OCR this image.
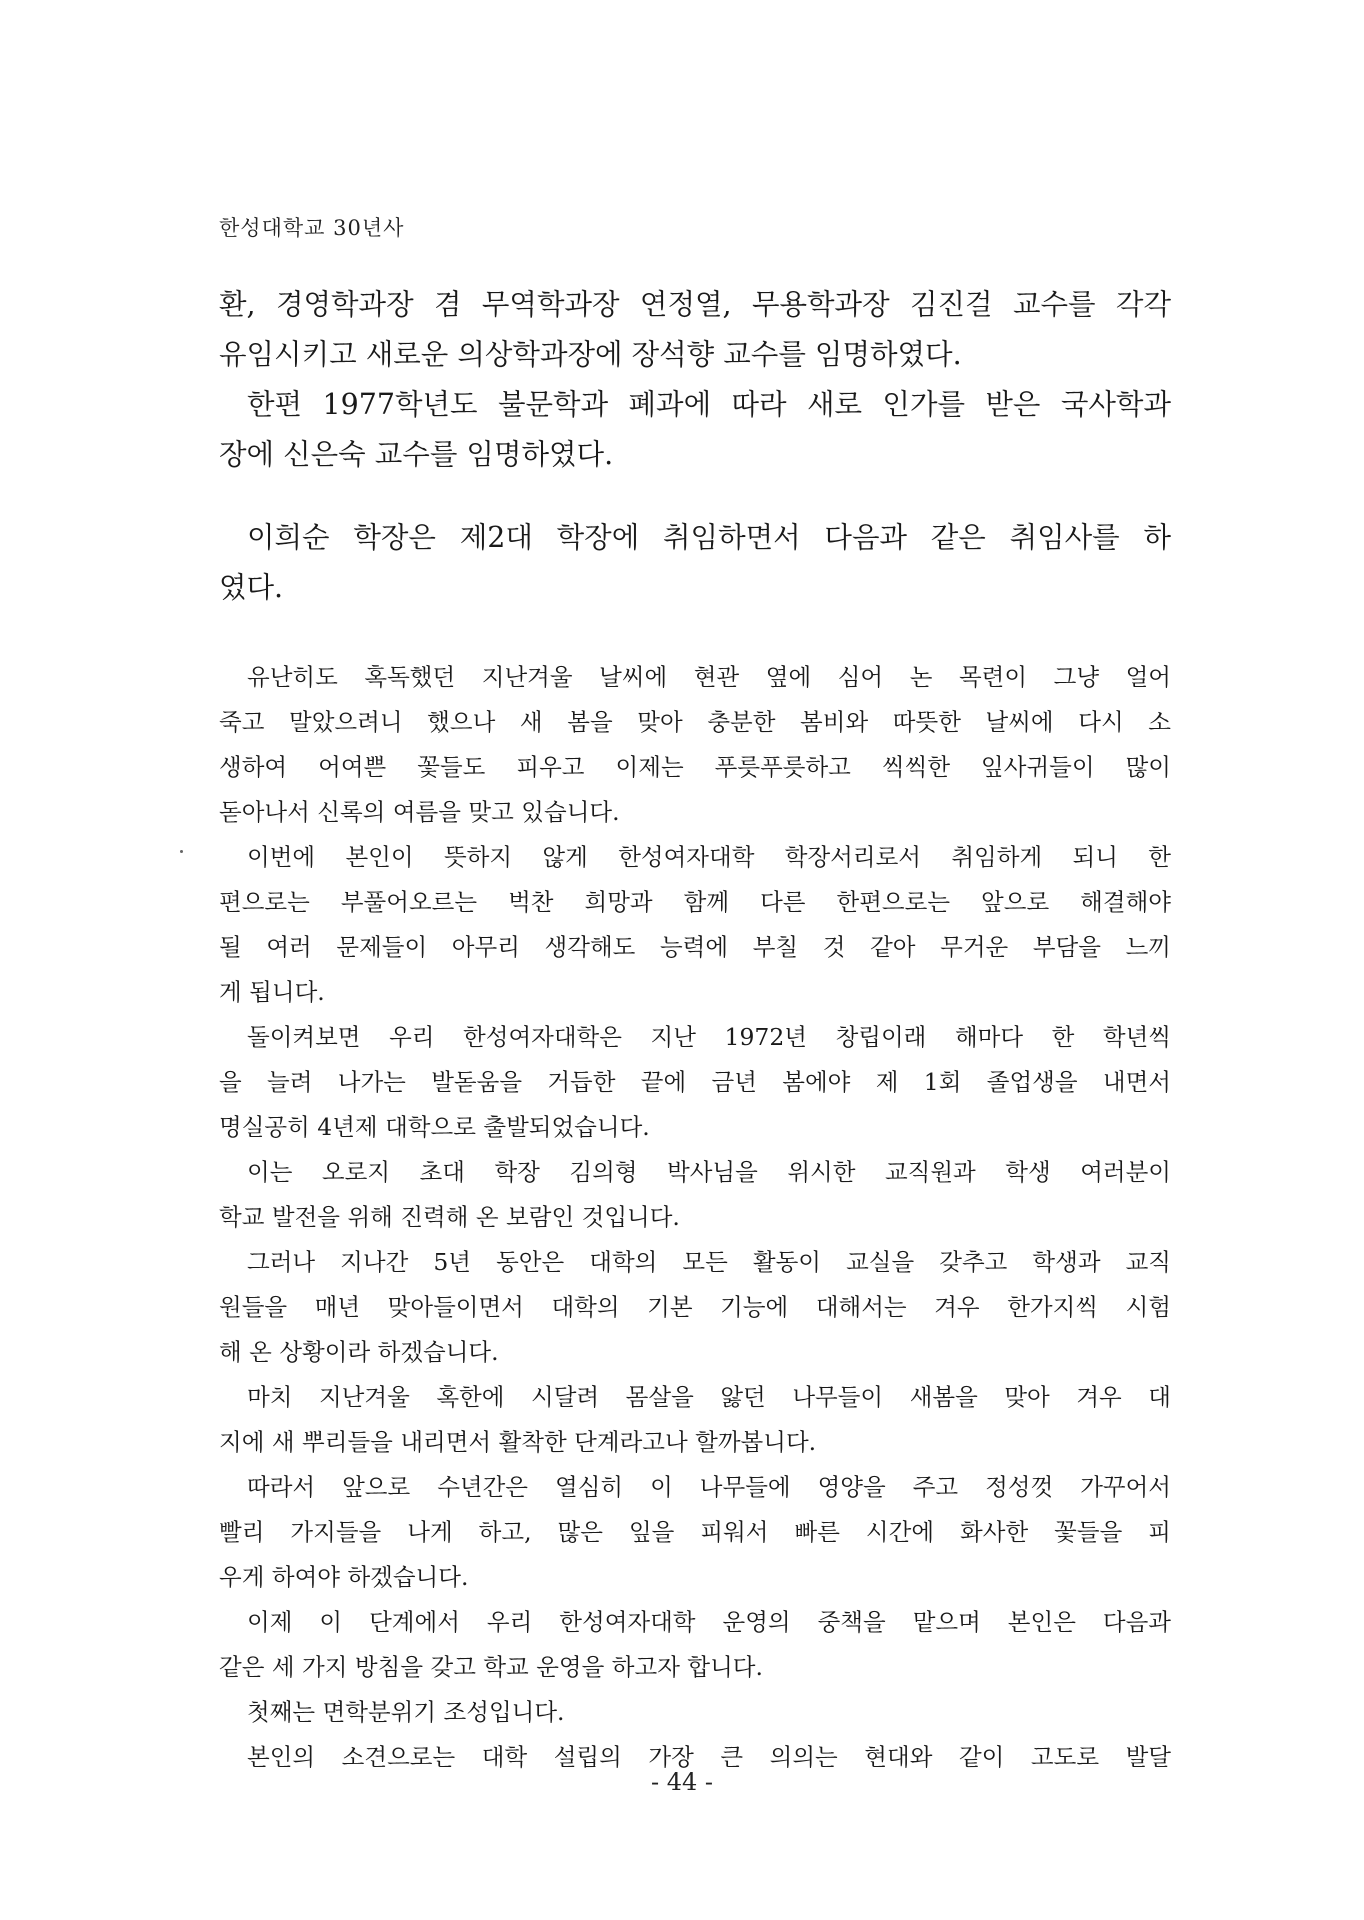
한성대학교 30년사
환, 경영학과장 겸 무역학과장 연정열, 무용학과장 김진걸 교수를 각각
유임시키고 새로운 의상학과장에 장석향 교수를 임명하였다.
한편 1977학년도 불문학과 폐과에 따라 새로 인가를 받은 국사학과
장에 신은숙 교수를 임명하였다.
이희순 학장은 제2대 학장에 취임하면서 다음과 같은 취임사를 하
였다.
유난히도 혹독했던 지난겨울 날씨에 현관 옆에 심어 논 목련이 그냥 얼어
죽고 말았으려니 했으나 새 봄을 맞아 충분한 봄비와 따뜻한 날씨에 다시 소
생하여 어여쁜 꽃들도 피우고 이제는 푸릇푸릇하고 씩씩한 잎사귀들이 많이
돋아나서 신록의 여름을 맞고 있습니다.
이번에 본인이 뜻하지 않게 한성여자대학 학장서리로서 취임하게 되니 한
편으로는 부풀어오르는 벅찬 희망과 함께 다른 한편으로는 앞으로 해결해야
될 여러 문제들이 아무리 생각해도 능력에 부칠 것 같아 무거운 부담을 느끼
게 됩니다.
돌이켜보면 우리 한성여자대학은 지난 1972년 창립이래 해마다 한 학년씩
을 늘려 나가는 발돋움을 거듭한 끝에 금년 봄에야 제 1회 졸업생을 내면서
명실공히 4년제 대학으로 출발되었습니다.
이는 오로지 초대 학장 김의형 박사님을 위시한 교직원과 학생 여러분이
학교 발전을 위해 진력해 온 보람인 것입니다.
그러나 지나간 5년 동안은 대학의 모든 활동이 교실을 갖추고 학생과 교직
원들을 매년 맞아들이면서 대학의 기본 기능에 대해서는 겨우 한가지씩 시험
해 온 상황이라 하겠습니다.
마치 지난겨울 혹한에 시달려 몸살을 앓던 나무들이 새봄을 맞아 겨우 대
지에 새 뿌리들을 내리면서 활착한 단계라고나 할까봅니다.
따라서 앞으로 수년간은 열심히 이 나무들에 영양을 주고 정성껏 가꾸어서
빨리 가지들을 나게 하고, 많은 잎을 피워서 빠른 시간에 화사한 꽃들을 피
우게 하여야 하겠습니다.
이제 이 단계에서 우리 한성여자대학 운영의 중책을 맡으며 본인은 다음과
같은 세 가지 방침을 갖고 학교 운영을 하고자 합니다.
첫째는 면학분위기 조성입니다.
본인의 소견으로는 대학 설립의 가장 큰 의의는 현대와 같이 고도로 발달
- 44 -
